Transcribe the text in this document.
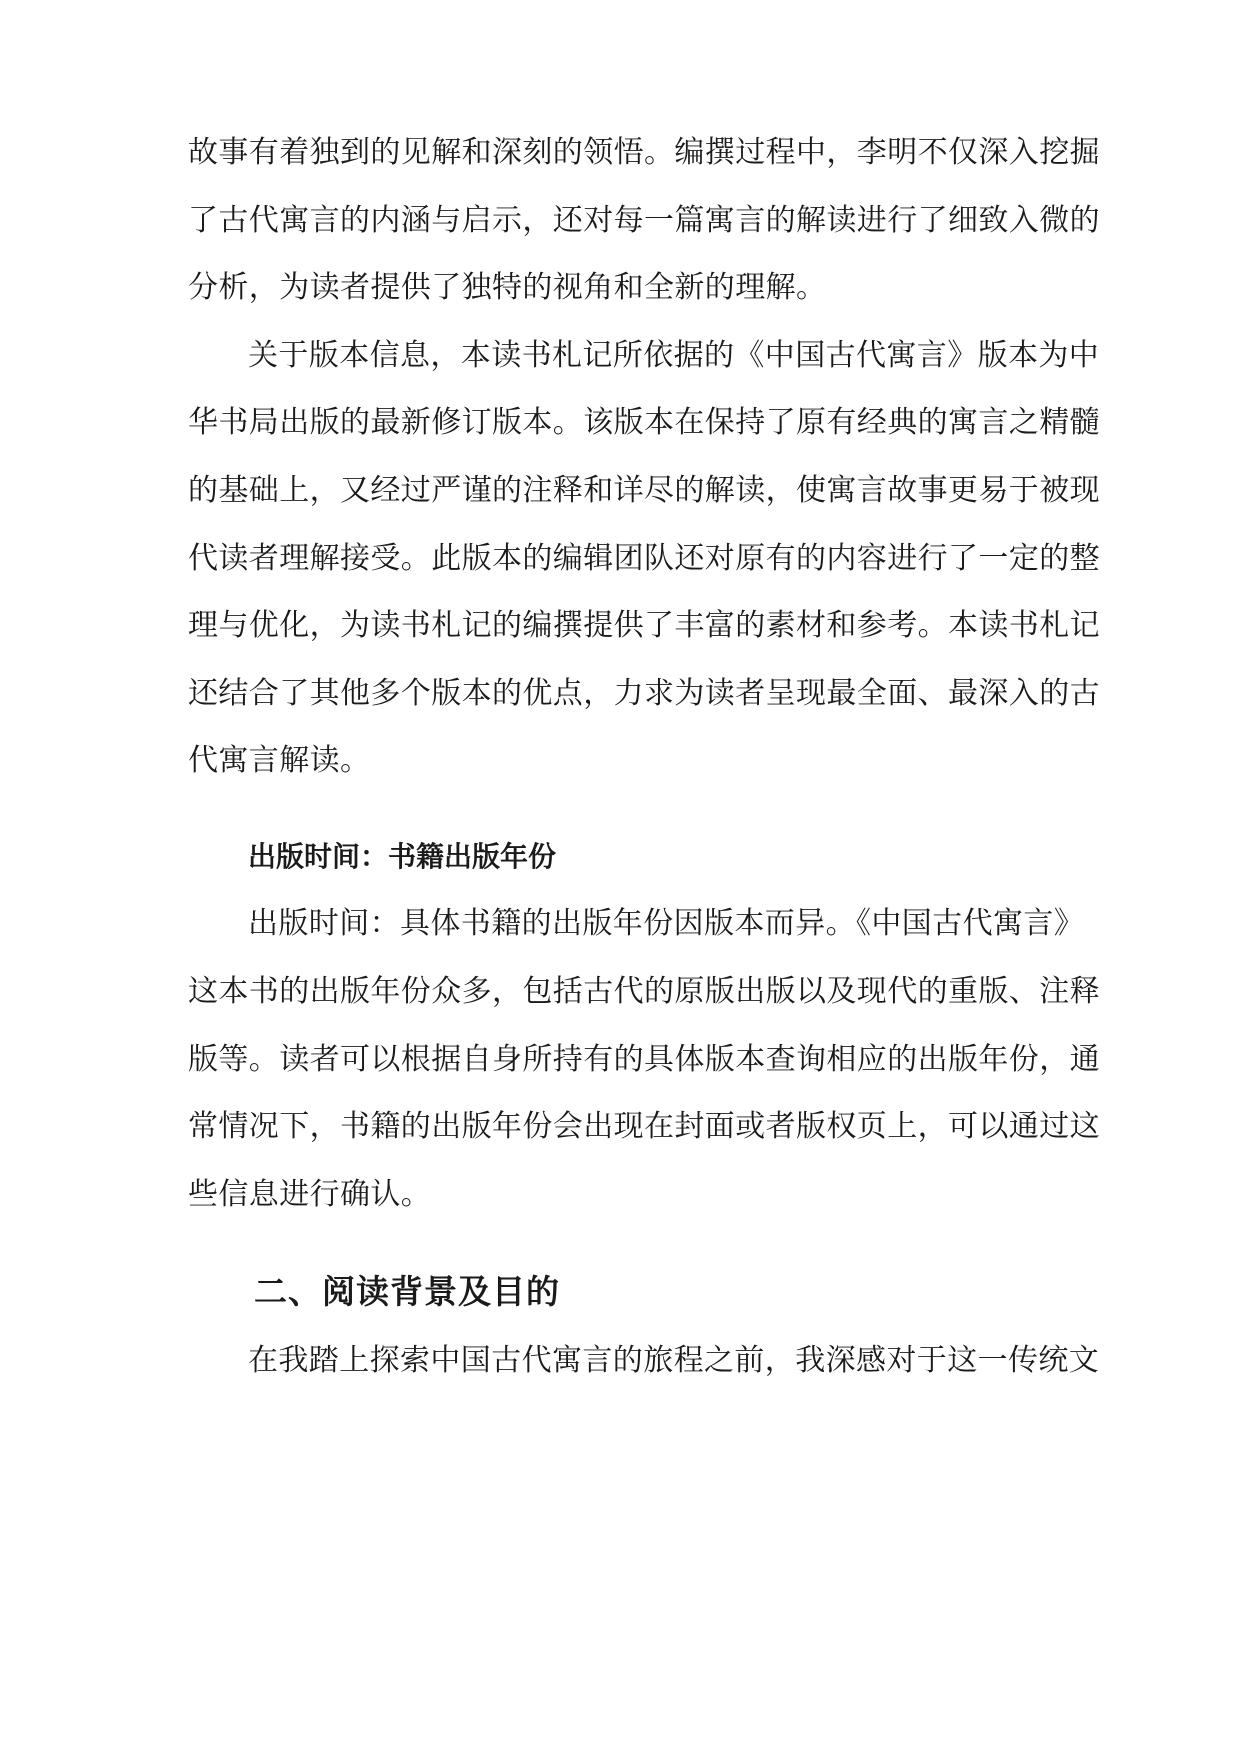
故事有着独到的见解和深刻的领悟。编撰过程中，李明不仅深入挖掘
了古代寓言的内涵与启示，还对每一篇寓言的解读进行了细致入微的
分析，为读者提供了独特的视角和全新的理解。
关于版本信息，本读书札记所依据的《中国古代寓言》版本为中
华书局出版的最新修订版本。该版本在保持了原有经典的寓言之精髓
的基础上，又经过严谨的注释和详尽的解读，使寓言故事更易于被现
代读者理解接受。此版本的编辑团队还对原有的内容进行了一定的整
理与优化，为读书札记的编撰提供了丰富的素材和参考。本读书札记
还结合了其他多个版本的优点，力求为读者呈现最全面、最深入的古
代寓言解读。
出版时间：书籍出版年份
出版时间：具体书籍的出版年份因版本而异。《中国古代寓言》
这本书的出版年份众多，包括古代的原版出版以及现代的重版、注释
版等。读者可以根据自身所持有的具体版本查询相应的出版年份，通
常情况下，书籍的出版年份会出现在封面或者版权页上，可以通过这
些信息进行确认。
二、阅读背景及目的
在我踏上探索中国古代寓言的旅程之前，我深感对于这一传统文
